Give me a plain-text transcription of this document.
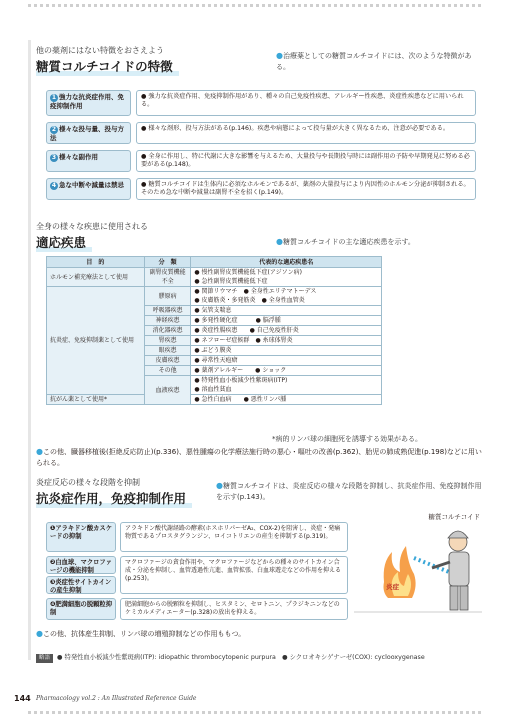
他の薬剤にはない特徴をおさえよう
糖質コルチコイドの特徴
●治療薬としての糖質コルチコイドには、次のような特徴がある。
1 強力な抗炎症作用、免疫抑制作用
● 強力な抗炎症作用、免疫抑制作用があり、種々の自己免疫性疾患、アレルギー性疾患、炎症性疾患などに用いられる。
2 様々な投与量、投与方法
● 様々な剤形、投与方法がある(p.146)。疾患や病態によって投与量が大きく異なるため、注意が必要である。
3 様々な副作用	● 全身に作用し、特に代謝に大きな影響を与えるため、大量投与や長期投与時には副作用の予防や早期発見に努める必要がある(p.148)。
4 急な中断や減量は禁忌	● 糖質コルチコイドは生体内に必須なホルモンであるが、薬剤の大量投与により内因性のホルモン分泌が抑制される。そのため急な中断や減量は副腎不全を招く(p.149)。
全身の様々な疾患に使用される
適応疾患	●糖質コルチコイドの主な適応疾患を示す。
目　的	分　類	代表的な適応疾患名
ホルモン補充療法として使用	副腎皮質機能不全	● 慢性副腎皮質機能低下症(アジソン病)
● 急性副腎皮質機能低下症
抗炎症、免疫抑制薬として使用	膠原病	● 関節リウマチ　● 全身性エリテマトーデス
● 皮膚筋炎・多発筋炎　● 全身性血管炎
	呼吸器疾患	● 気管支喘息
	神経疾患	● 多発性硬化症　　　● 脳浮腫
	消化器疾患	● 炎症性腸疾患　　● 自己免疫性肝炎
	腎疾患	● ネフローゼ症候群　● 糸球体腎炎
	眼疾患	● ぶどう膜炎
	皮膚疾患	● 尋常性天疱瘡
	その他	● 薬剤アレルギー　　● ショック
	血液疾患	● 特発性血小板減少性紫斑病(ITP)
● 溶血性貧血
抗がん薬として使用*		● 急性白血病　　● 悪性リンパ腫
*病的リンパ球の細胞死を誘導する効果がある。
●この他、臓器移植後(拒絶反応防止)(p.336)、悪性腫瘍の化学療法施行時の悪心・嘔吐の改善(p.362)、胎児の肺成熟促進(p.198)などに用いられる。
炎症反応の様々な段階を抑制
抗炎症作用，免疫抑制作用
●糖質コルチコイドは、炎症反応の様々な段階を抑制し、抗炎症作用、免疫抑制作用を示す(p.143)。
❶アラキドン酸カスケードの抑制
アラキドン酸代謝経路の酵素(ホスホリパーゼA₂、COX-2)を阻害し、炎症・発痛物質であるプロスタグランジン、ロイコトリエンの産生を抑制する(p.319)。
❷白血球、マクロファージの機能抑制
❸炎症性サイトカインの産生抑制
マクロファージの貪食作用や、マクロファージなどからの種々のサイトカイン合成・分泌を抑制し、血管透過性亢進、血管拡張、白血球遊走などの作用を抑える(p.253)。
❹肥満細胞の脱顆粒抑制
肥満細胞からの脱顆粒を抑制し、ヒスタミン、セロトニン、プラジキニンなどのケミカルメディエーター(p.328)の放出を抑える。
糖質コルチコイド
炎症
●この他、抗体産生抑制、リンパ球の増殖抑制などの作用ももつ。
略語 ● 特発性血小板減少性紫斑病(ITP): idiopathic thrombocytopenic purpura　● シクロオキシゲナーゼ(COX): cyclooxygenase
144 Pharmacology vol.2 : An Illustrated Reference Guide
